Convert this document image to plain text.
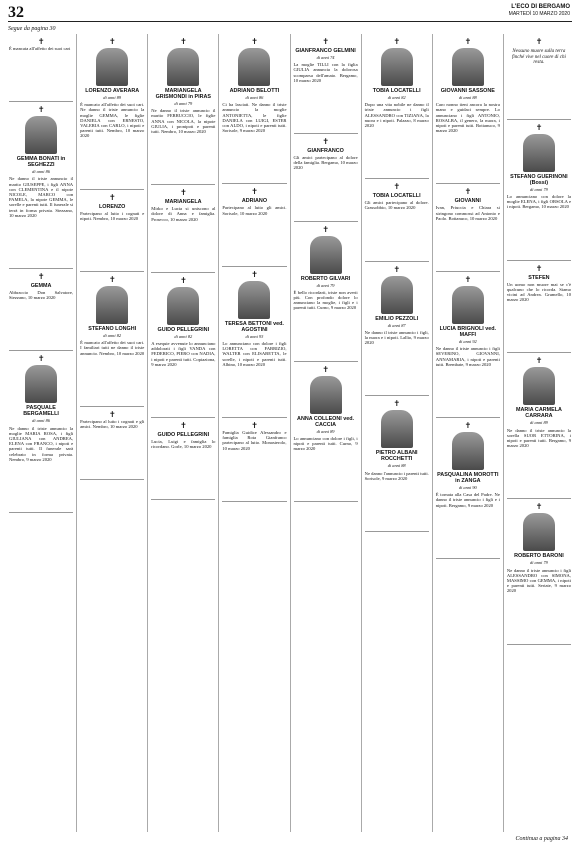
32	L'ECO DI BERGAMO
MARTEDÌ 10 MARZO 2020
Segue da pagina 30
✝
È mancata all'affetto dei suoi cari
✝
GEMMA BONATI in SEGHEZZI
di anni 86
Ne danno il triste annuncio il marito GIUSEPPE, i figli ANNA con CLEMENTINA e il nipote NICOLE, MARCO con PAMELA, la nipote GEMMA, le sorelle e parenti tutti. Il funerale si terrà in forma privata. Stezzano, 10 marzo 2020
✝
GEMMA
Abbraccio Don Salvatore, Stezzano, 10 marzo 2020
✝
PASQUALE BERGAMELLI
di anni 86
Ne danno il triste annuncio la moglie MARIA ROSA, i figli GIULIANA con ANDREA, ELENA con FRANCO, i nipoti e parenti tutti. Il funerale sarà celebrato in forma privata. Nembro, 9 marzo 2020
✝
LORENZO AVERARA
di anni 89
È mancato all'affetto dei suoi cari. Ne danno il triste annuncio la moglie GEMMA, le figlie DANIELA con ERNESTO, VALERIA con CARLO, i nipoti e parenti tutti. Nembro, 10 marzo 2020
✝
LORENZO
Partecipano al lutto i cognati e nipoti. Nembro, 10 marzo 2020
✝
STEFANO LONGHI
di anni 82
È mancato all'affetto dei suoi cari. I familiari tutti ne danno il triste annuncio. Nembro, 10 marzo 2020
✝
Partecipano al lutto i cognati e gli amici. Nembro, 10 marzo 2020
✝
MARIANGELA GRISMONDI in PIRAS
di anni 79
Ne danno il triste annuncio il marito FERRUCCIO, le figlie ANNA con NICOLA, la nipote GIULIA, i pronipoti e parenti tutti. Nembro, 10 marzo 2020
✝
MARIANGELA
Mirko e Lucia si uniscono al dolore di Anna e famiglia. Prosecco, 10 marzo 2020
✝
GUIDO PELLEGRINI
di anni 82
A esequie avvenute lo annunciano addolorati i figli VANDA con FEDERICO, PIERO con NADIA, i nipoti e parenti tutti. Copiaziona, 9 marzo 2020
✝
GUIDO PELLEGRINI
Lucia, Luigi e famiglia lo ricordano. Gorle, 10 marzo 2020
✝
ADRIANO BELOTTI
di anni 86
Ci ha lasciati. Ne danno il triste annuncio la moglie ANTONIETTA, le figlie DANIELA con LUIGI, ESTER con ALDO, i nipoti e parenti tutti. Sorisole, 9 marzo 2020
✝
ADRIANO
Partecipano al lutto gli amici. Sorisole, 10 marzo 2020
✝
TERESA BETTONI ved. AGOSTINI
di anni 93
Lo annunciano con dolore i figli LORETTA con FABRIZIO, WALTER con ELISABETTA, le sorelle, i nipoti e parenti tutti. Albino, 10 marzo 2020
✝
Famiglia Guidice Alessandro e famiglia Rota Gianfranco partecipano al lutto. Monasterolo, 10 marzo 2020
✝
GIANFRANCO GELMINI
di anni 74
La moglie TILLI con la figlia GIULIA annuncia la dolorosa scomparsa dell'amato. Bergamo, 10 marzo 2020
✝
GIANFRANCO
Gli amici partecipano al dolore della famiglia. Bergamo, 10 marzo 2020
✝
ROBERTO GILVARI
di anni 79
È bello ricordarti, triste non averti più. Con profondo dolore lo annunciano la moglie, i figli e i parenti tutti. Curno, 9 marzo 2020
✝
ANNA COLLEONI ved. CACCIA
di anni 89
Lo annunciano con dolore i figli, i nipoti e parenti tutti. Curno, 9 marzo 2020
✝
TOBIA LOCATELLI
di anni 82
Dopo una vita nobile ne danno il triste annuncio i figli ALESSANDRO con TIZIANA, la nuora e i nipoti. Palazzo, 8 marzo 2020
✝
TOBIA LOCATELLI
Gli amici partecipano al dolore. Grassobbio, 10 marzo 2020
✝
EMILIO PEZZOLI
di anni 87
Ne danno il triste annuncio i figli, la nuora e i nipoti. Lallio, 9 marzo 2020
✝
PIETRO ALBANI ROCCHETTI
di anni 88
Ne danno l'annuncio i parenti tutti. Sorisole, 9 marzo 2020
✝
GIOVANNI SASSONE
di anni 88
Caro nonno tieni ancora la nostra mano e guidaci sempre. Lo annunciano i figli ANTONIO, ROSALBA, il genero, la nuora, i nipoti e parenti tutti. Bottanuco, 9 marzo 2020
✝
GIOVANNI
Ivan, Priuccia e Chiara si stringono commossi ad Antonio e Paolo. Bottanuco, 10 marzo 2020
✝
LUCIA BRIGNOLI ved. MAFFI
di anni 92
Ne danno il triste annuncio i figli SEVERINO, GIOVANNI, ANNAMARIA, i nipoti e parenti tutti. Brembate, 9 marzo 2020
✝
PASQUALINA MOROTTI in ZANGA
di anni 90
È tornata alla Casa del Padre. Ne danno il triste annuncio i figli e i nipoti. Bergamo, 9 marzo 2020
✝
Nessuno muore sulla terra finché vive nel cuore di chi resta.
✝
STEFANO GUERINONI (Bossi)
di anni 79
Lo annunciano con dolore la moglie ELENA, i figli ORSOLA e i nipoti. Bergamo, 10 marzo 2020
✝
STEFEN
Un uomo non muore mai se c'è qualcuno che lo ricorda. Siamo vicini ad Andrea. Grumello, 10 marzo 2020
✝
MARIA CARMELA CARRARA
di anni 89
Ne danno il triste annuncio la sorella SUOR ETTORINA, i nipoti e parenti tutti. Bergamo, 9 marzo 2020
✝
ROBERTO BARONI
di anni 79
Ne danno il triste annuncio i figli ALESSANDRO con SIMONA, MASSIMO con GEMMA, i nipoti e parenti tutti. Seriate, 9 marzo 2020
Continua a pagina 34
